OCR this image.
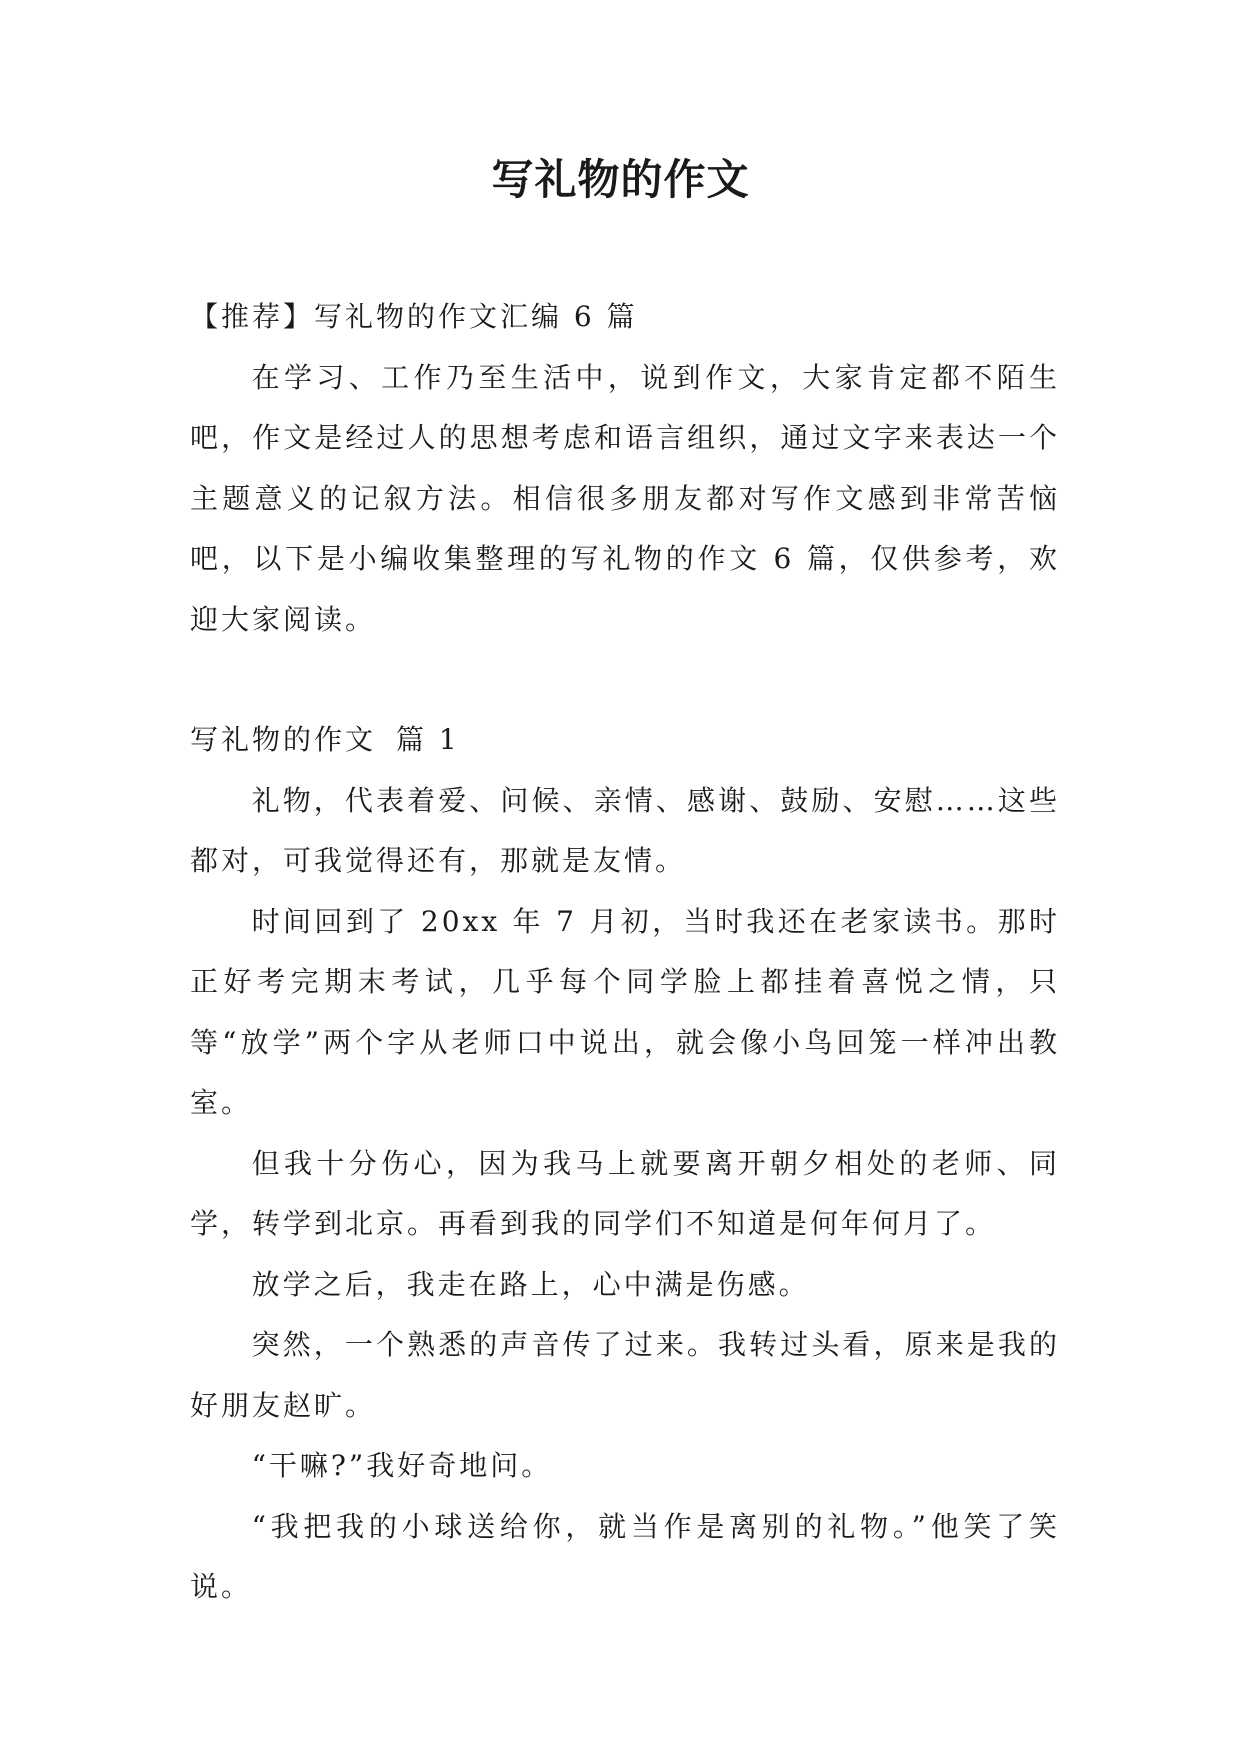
写礼物的作文

【推荐】写礼物的作文汇编 6 篇

在学习、工作乃至生活中，说到作文，大家肯定都不陌生吧，作文是经过人的思想考虑和语言组织，通过文字来表达一个主题意义的记叙方法。相信很多朋友都对写作文感到非常苦恼吧，以下是小编收集整理的写礼物的作文 6 篇，仅供参考，欢迎大家阅读。

写礼物的作文 篇 1

礼物，代表着爱、问候、亲情、感谢、鼓励、安慰……这些都对，可我觉得还有，那就是友情。

时间回到了 20xx 年 7 月初，当时我还在老家读书。那时正好考完期末考试，几乎每个同学脸上都挂着喜悦之情，只等“放学”两个字从老师口中说出，就会像小鸟回笼一样冲出教室。

但我十分伤心，因为我马上就要离开朝夕相处的老师、同学，转学到北京。再看到我的同学们不知道是何年何月了。

放学之后，我走在路上，心中满是伤感。

突然，一个熟悉的声音传了过来。我转过头看，原来是我的好朋友赵旷。

“干嘛?”我好奇地问。

“我把我的小球送给你，就当作是离别的礼物。”他笑了笑说。
